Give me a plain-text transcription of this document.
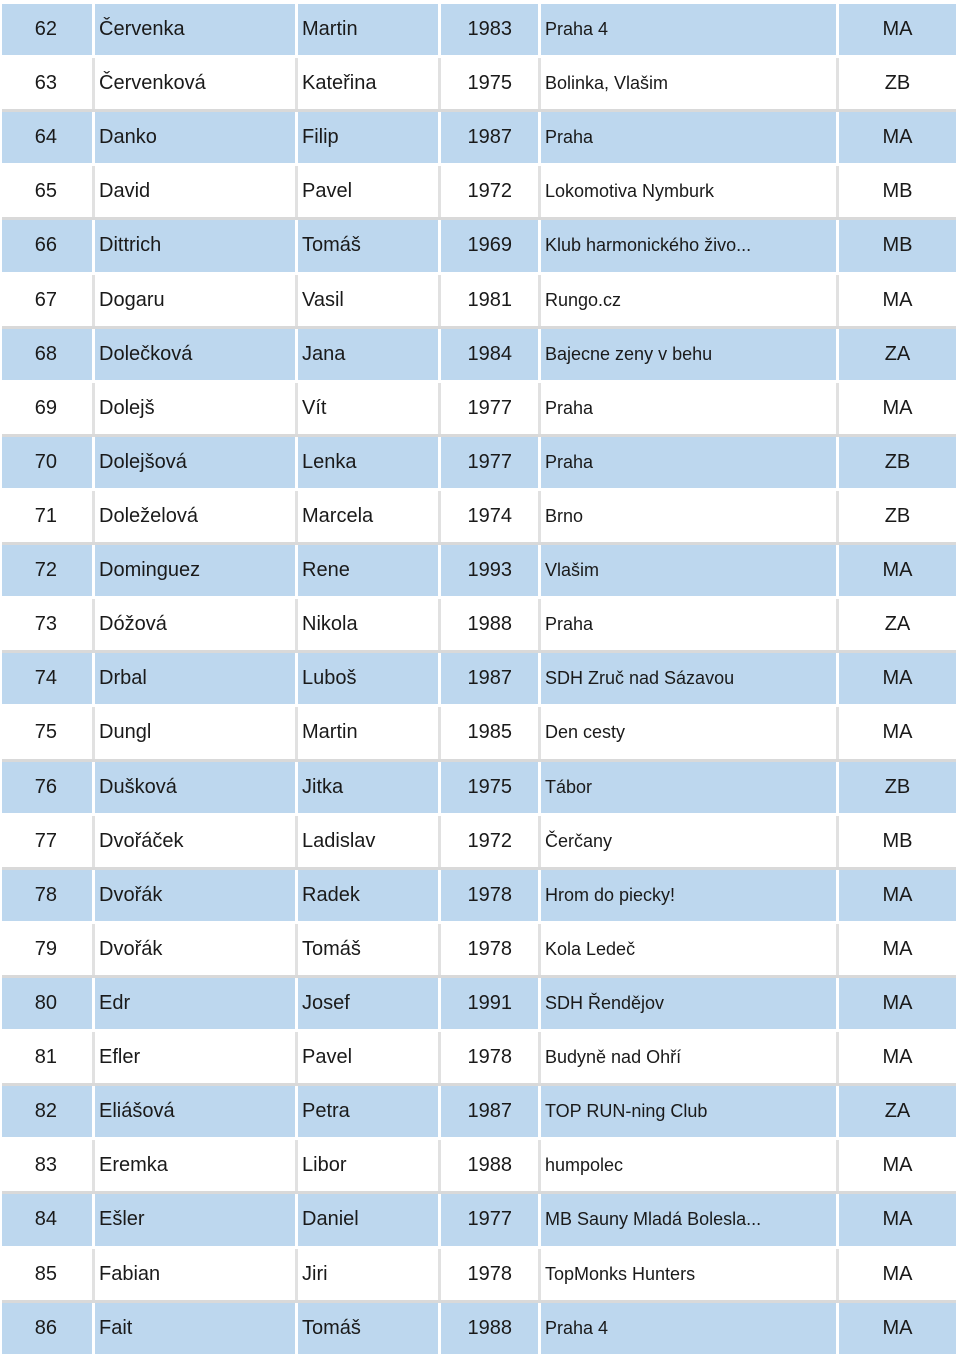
62	Červenka	Martin	1983	Praha 4	MA
63	Červenková	Kateřina	1975	Bolinka, Vlašim	ZB
64	Danko	Filip	1987	Praha	MA
65	David	Pavel	1972	Lokomotiva Nymburk	MB
66	Dittrich	Tomáš	1969	Klub harmonického živo...	MB
67	Dogaru	Vasil	1981	Rungo.cz	MA
68	Dolečková	Jana	1984	Bajecne zeny v behu	ZA
69	Dolejš	Vít	1977	Praha	MA
70	Dolejšová	Lenka	1977	Praha	ZB
71	Doleželová	Marcela	1974	Brno	ZB
72	Dominguez	Rene	1993	Vlašim	MA
73	Dóžová	Nikola	1988	Praha	ZA
74	Drbal	Luboš	1987	SDH Zruč nad Sázavou	MA
75	Dungl	Martin	1985	Den cesty	MA
76	Dušková	Jitka	1975	Tábor	ZB
77	Dvořáček	Ladislav	1972	Čerčany	MB
78	Dvořák	Radek	1978	Hrom do piecky!	MA
79	Dvořák	Tomáš	1978	Kola Ledeč	MA
80	Edr	Josef	1991	SDH Řendějov	MA
81	Efler	Pavel	1978	Budyně nad Ohří	MA
82	Eliášová	Petra	1987	TOP RUN-ning Club	ZA
83	Eremka	Libor	1988	humpolec	MA
84	Ešler	Daniel	1977	MB Sauny Mladá Bolesla...	MA
85	Fabian	Jiri	1978	TopMonks Hunters	MA
86	Fait	Tomáš	1988	Praha 4	MA
